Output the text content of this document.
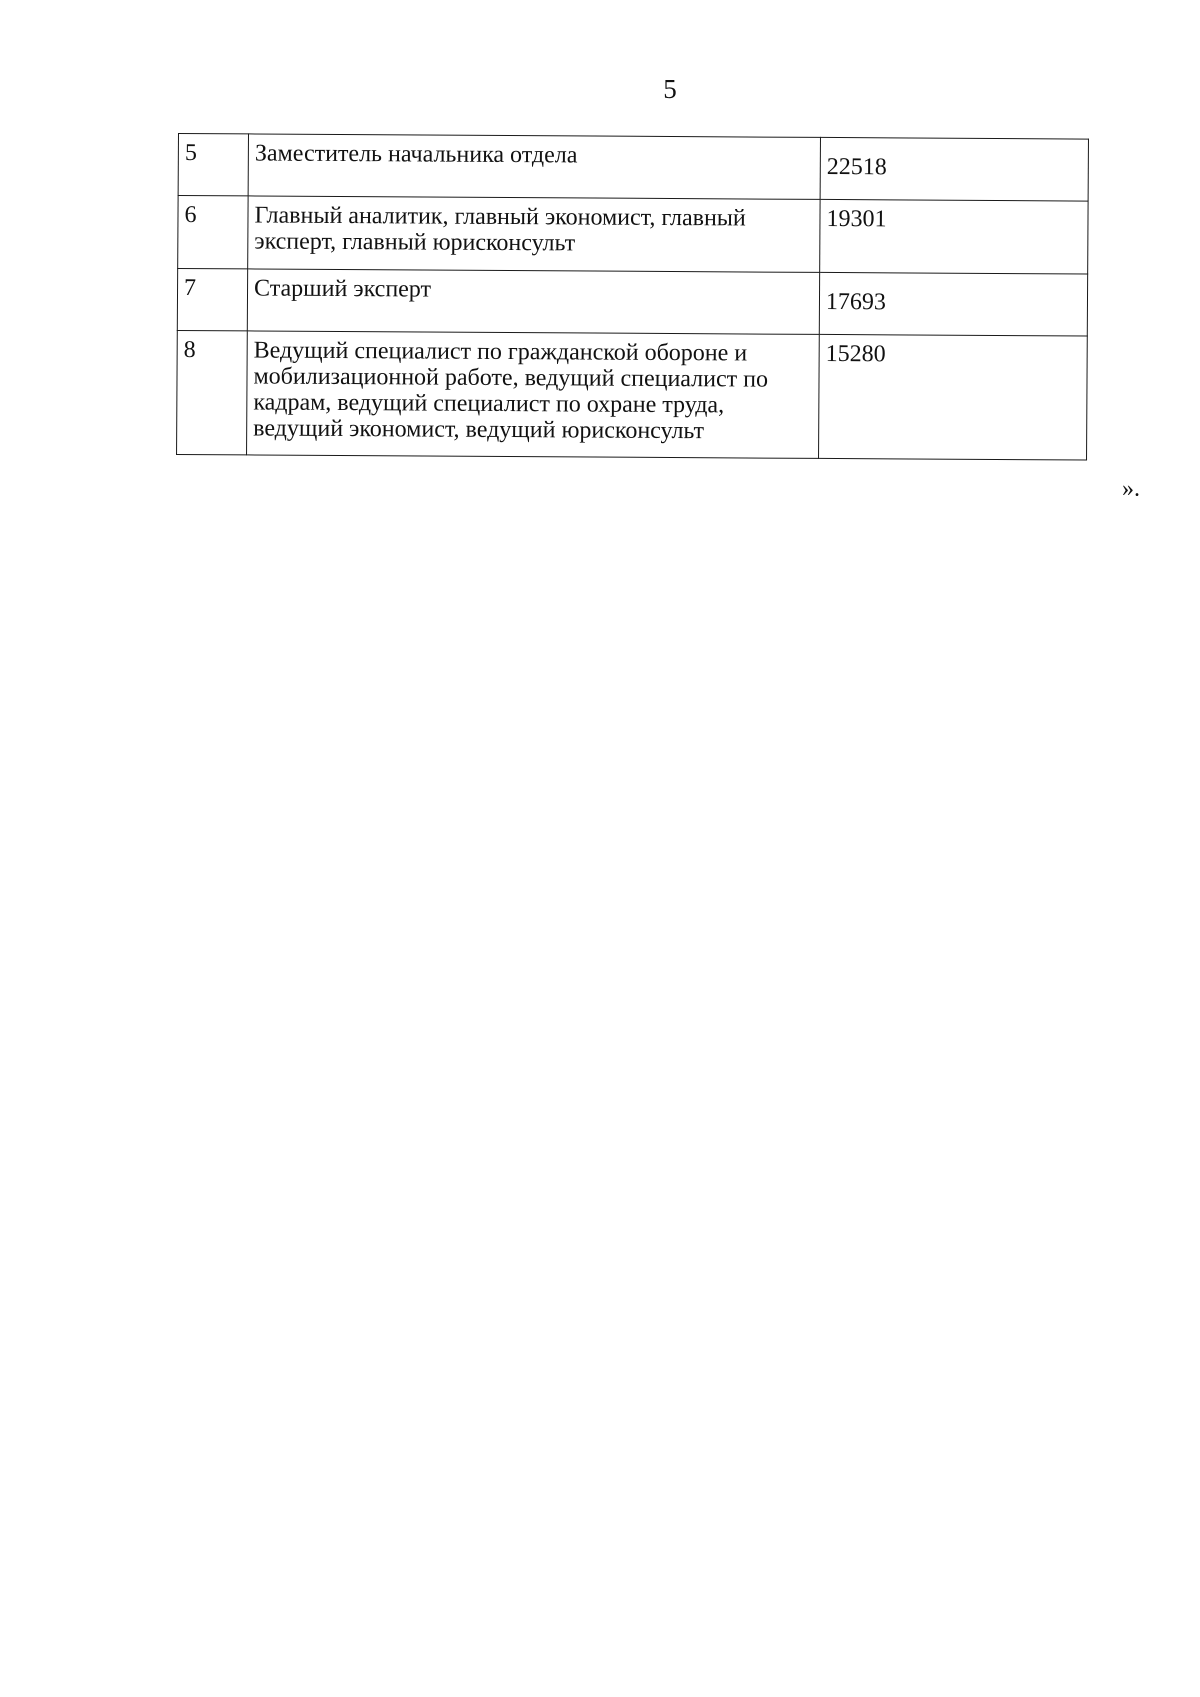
5
5	Заместитель начальника отдела	22518
6	Главный аналитик, главный экономист, главный эксперт, главный юрисконсульт	19301
7	Старший эксперт	17693
8	Ведущий специалист по гражданской обороне и мобилизационной работе, ведущий специалист по кадрам, ведущий специалист по охране труда, ведущий экономист, ведущий юрисконсульт	15280
».
